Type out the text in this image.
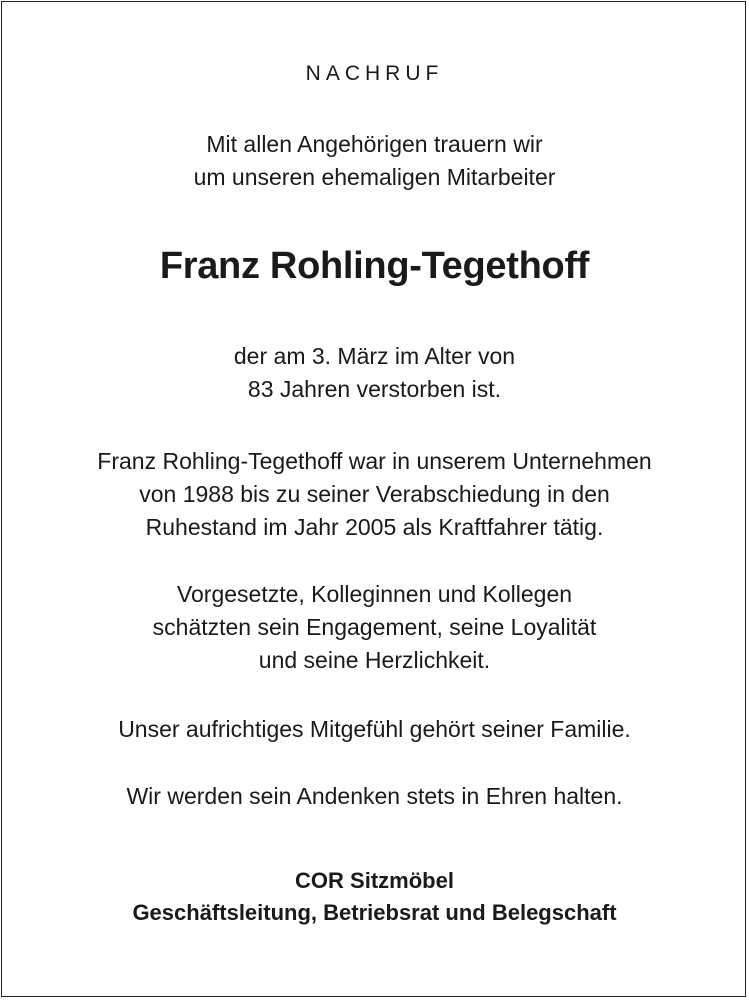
NACHRUF
Mit allen Angehörigen trauern wir
um unseren ehemaligen Mitarbeiter
Franz Rohling-Tegethoff
der am 3. März im Alter von
83 Jahren verstorben ist.
Franz Rohling-Tegethoff war in unserem Unternehmen
von 1988 bis zu seiner Verabschiedung in den
Ruhestand im Jahr 2005 als Kraftfahrer tätig.
Vorgesetzte, Kolleginnen und Kollegen
schätzten sein Engagement, seine Loyalität
und seine Herzlichkeit.
Unser aufrichtiges Mitgefühl gehört seiner Familie.
Wir werden sein Andenken stets in Ehren halten.
COR Sitzmöbel
Geschäftsleitung, Betriebsrat und Belegschaft
